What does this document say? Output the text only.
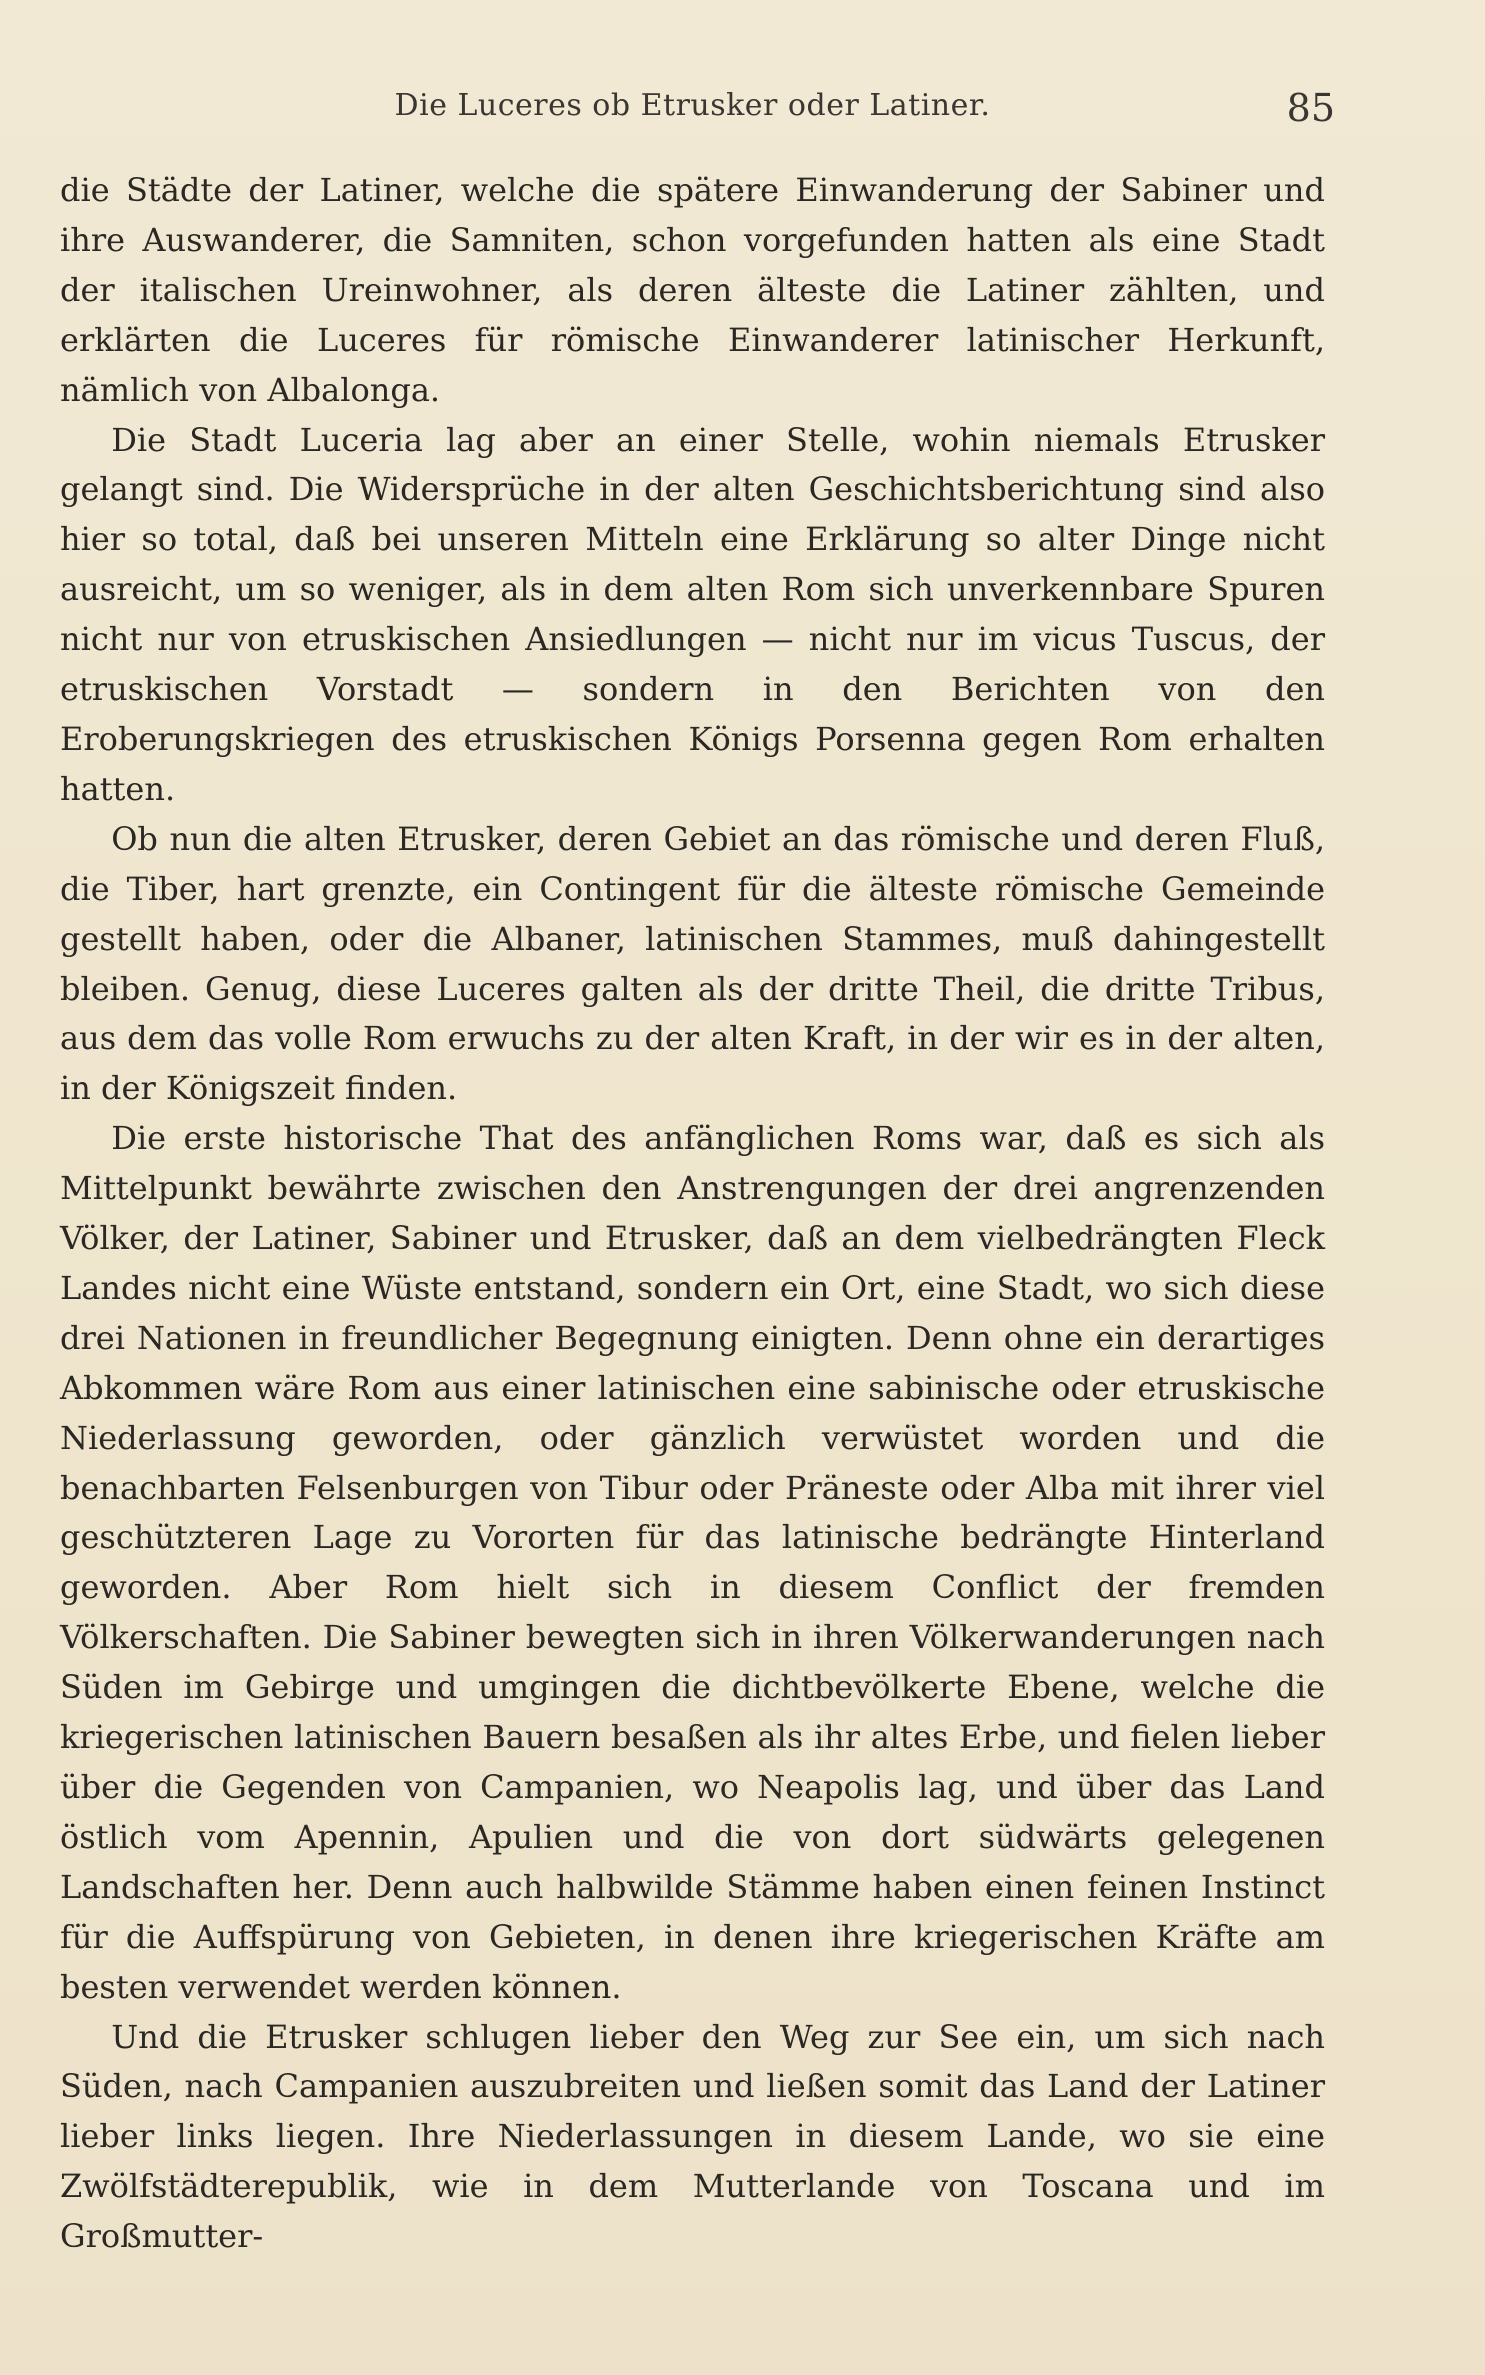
Die Luceres ob Etrusker oder Latiner.	85

die Städte der Latiner, welche die spätere Einwanderung der Sabiner und ihre Auswanderer, die Samniten, schon vorgefunden hatten als eine Stadt der italischen Ureinwohner, als deren älteste die Latiner zählten, und erklärten die Luceres für römische Einwanderer latinischer Herkunft, nämlich von Albalonga.

Die Stadt Luceria lag aber an einer Stelle, wohin niemals Etrusker gelangt sind. Die Widersprüche in der alten Geschichtsberichtung sind also hier so total, daß bei unseren Mitteln eine Erklärung so alter Dinge nicht ausreicht, um so weniger, als in dem alten Rom sich unverkennbare Spuren nicht nur von etruskischen Ansiedlungen — nicht nur im vicus Tuscus, der etruskischen Vorstadt — sondern in den Berichten von den Eroberungskriegen des etruskischen Königs Porsenna gegen Rom erhalten hatten.

Ob nun die alten Etrusker, deren Gebiet an das römische und deren Fluß, die Tiber, hart grenzte, ein Contingent für die älteste römische Gemeinde gestellt haben, oder die Albaner, latinischen Stammes, muß dahingestellt bleiben. Genug, diese Luceres galten als der dritte Theil, die dritte Tribus, aus dem das volle Rom erwuchs zu der alten Kraft, in der wir es in der alten, in der Königszeit finden.

Die erste historische That des anfänglichen Roms war, daß es sich als Mittelpunkt bewährte zwischen den Anstrengungen der drei angrenzenden Völker, der Latiner, Sabiner und Etrusker, daß an dem vielbedrängten Fleck Landes nicht eine Wüste entstand, sondern ein Ort, eine Stadt, wo sich diese drei Nationen in freundlicher Begegnung einigten. Denn ohne ein derartiges Abkommen wäre Rom aus einer latinischen eine sabinische oder etruskische Niederlassung geworden, oder gänzlich verwüstet worden und die benachbarten Felsenburgen von Tibur oder Präneste oder Alba mit ihrer viel geschützteren Lage zu Vororten für das latinische bedrängte Hinterland geworden. Aber Rom hielt sich in diesem Conflict der fremden Völkerschaften. Die Sabiner bewegten sich in ihren Völkerwanderungen nach Süden im Gebirge und umgingen die dichtbevölkerte Ebene, welche die kriegerischen latinischen Bauern besaßen als ihr altes Erbe, und fielen lieber über die Gegenden von Campanien, wo Neapolis lag, und über das Land östlich vom Apennin, Apulien und die von dort südwärts gelegenen Landschaften her. Denn auch halbwilde Stämme haben einen feinen Instinct für die Auffspürung von Gebieten, in denen ihre kriegerischen Kräfte am besten verwendet werden können.

Und die Etrusker schlugen lieber den Weg zur See ein, um sich nach Süden, nach Campanien auszubreiten und ließen somit das Land der Latiner lieber links liegen. Ihre Niederlassungen in diesem Lande, wo sie eine Zwölfstädterepublik, wie in dem Mutterlande von Toscana und im Großmutter-
